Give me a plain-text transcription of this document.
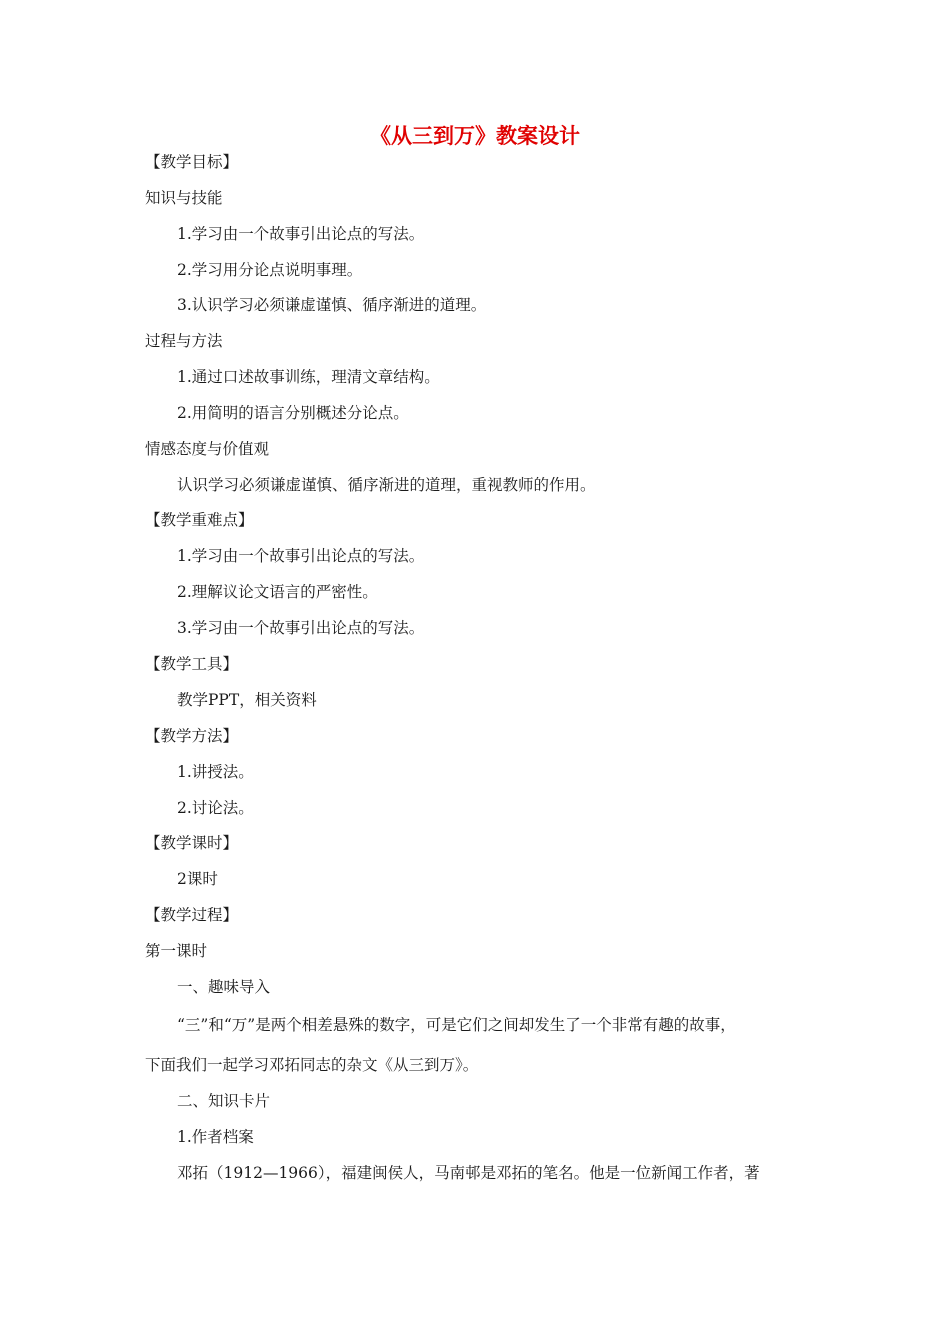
《从三到万》教案设计
【教学目标】
知识与技能
1.学习由一个故事引出论点的写法。
2.学习用分论点说明事理。
3.认识学习必须谦虚谨慎、循序渐进的道理。
过程与方法
1.通过口述故事训练，理清文章结构。
2.用简明的语言分别概述分论点。
情感态度与价值观
认识学习必须谦虚谨慎、循序渐进的道理，重视教师的作用。
【教学重难点】
1.学习由一个故事引出论点的写法。
2.理解议论文语言的严密性。
3.学习由一个故事引出论点的写法。
【教学工具】
教学PPT，相关资料
【教学方法】
1.讲授法。
2.讨论法。
【教学课时】
2课时
【教学过程】
第一课时
一、趣味导入
“三”和“万”是两个相差悬殊的数字，可是它们之间却发生了一个非常有趣的故事，
下面我们一起学习邓拓同志的杂文《从三到万》。
二、知识卡片
1.作者档案
邓拓（1912—1966），福建闽侯人，马南邨是邓拓的笔名。他是一位新闻工作者，著
